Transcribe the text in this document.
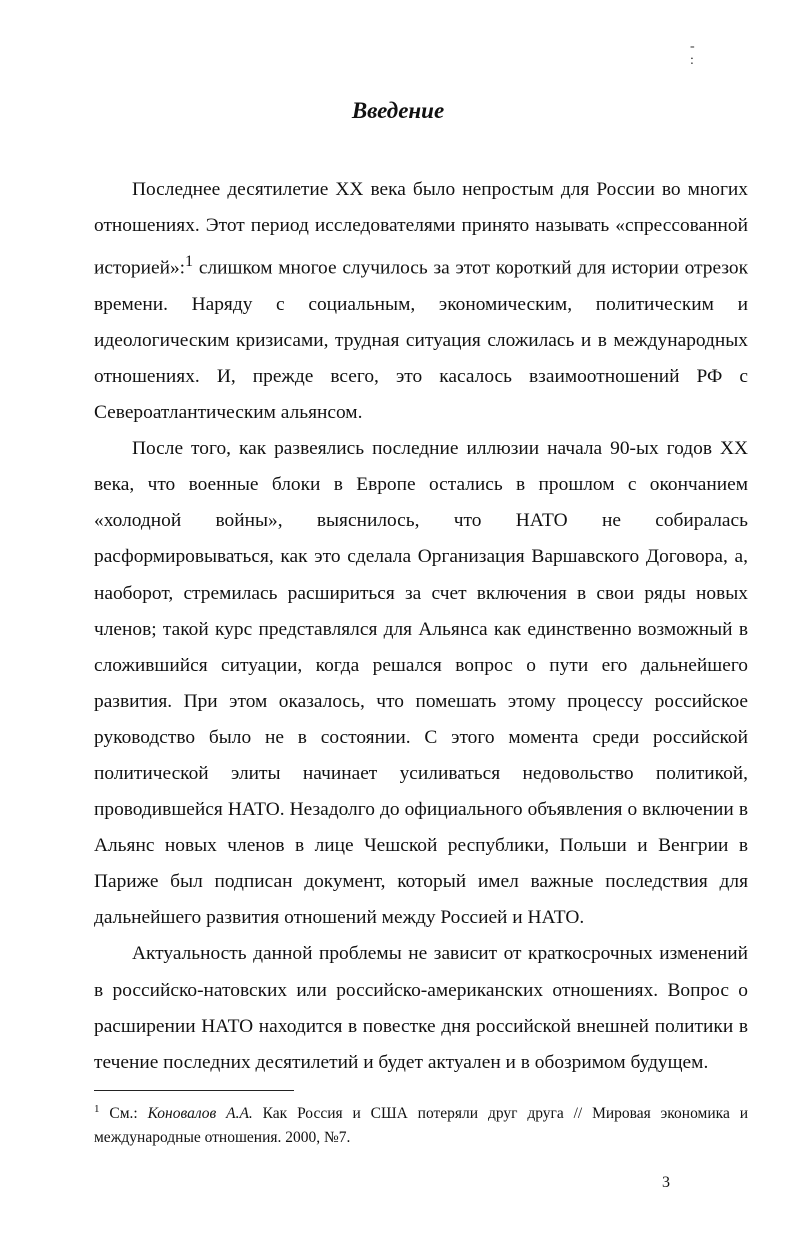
-
:
Введение

Последнее десятилетие XX века было непростым для России во многих отношениях. Этот период исследователями принято называть «спрессованной историей»:$^1$ слишком многое случилось за этот короткий для истории отрезок времени. Наряду с социальным, экономическим, политическим и идеологическим кризисами, трудная ситуация сложилась и в международных отношениях. И, прежде всего, это касалось взаимоотношений РФ с Североатлантическим альянсом.

После того, как развеялись последние иллюзии начала 90-ых годов XX века, что военные блоки в Европе остались в прошлом с окончанием «холодной войны», выяснилось, что НАТО не собиралась расформировываться, как это сделала Организация Варшавского Договора, а, наоборот, стремилась расшириться за счет включения в свои ряды новых членов; такой курс представлялся для Альянса как единственно возможный в сложившийся ситуации, когда решался вопрос о пути его дальнейшего развития. При этом оказалось, что помешать этому процессу российское руководство было не в состоянии. С этого момента среди российской политической элиты начинает усиливаться недовольство политикой, проводившейся НАТО. Незадолго до официального объявления о включении в Альянс новых членов в лице Чешской республики, Польши и Венгрии в Париже был подписан документ, который имел важные последствия для дальнейшего развития отношений между Россией и НАТО.

Актуальность данной проблемы не зависит от краткосрочных изменений в российско-натовских или российско-американских отношениях. Вопрос о расширении НАТО находится в повестке дня российской внешней политики в течение последних десятилетий и будет актуален и в обозримом будущем.

$^1$ См.: Коновалов А.А. Как Россия и США потеряли друг друга // Мировая экономика и международные отношения. 2000, №7.
3
